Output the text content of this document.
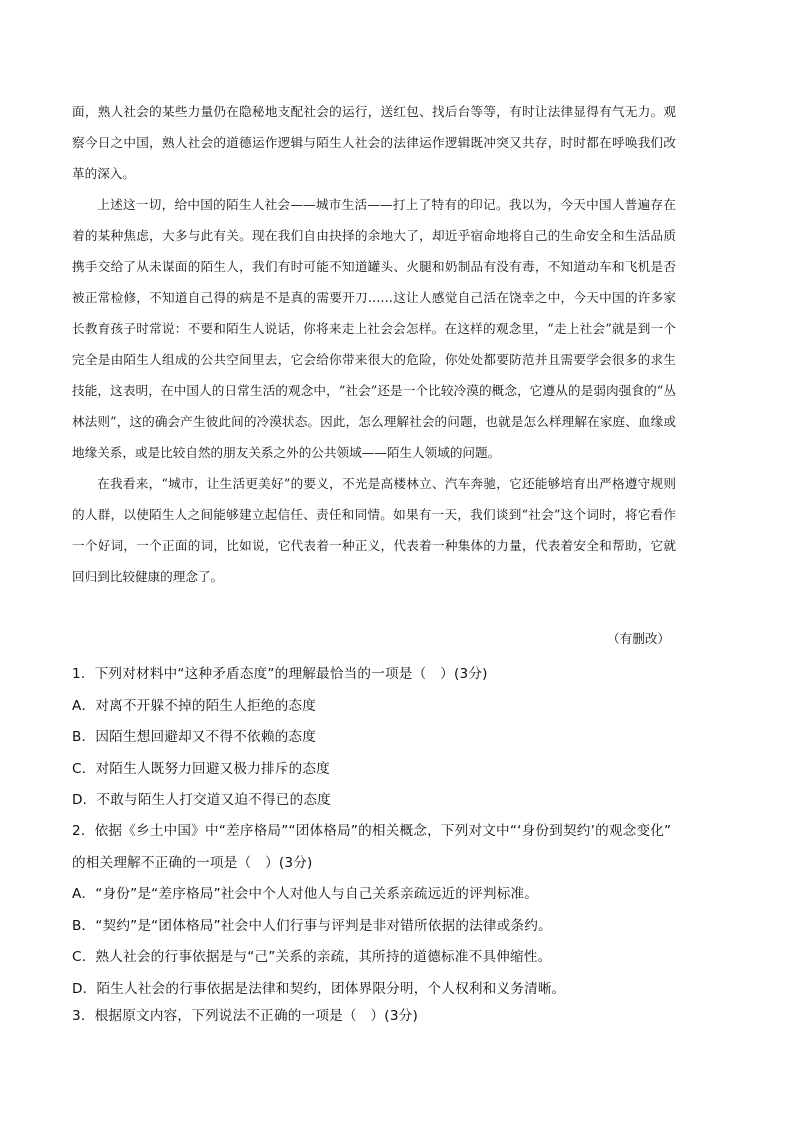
面，熟人社会的某些力量仍在隐秘地支配社会的运行，送红包、找后台等等，有时让法律显得有气无力。观察今日之中国，熟人社会的道德运作逻辑与陌生人社会的法律运作逻辑既冲突又共存，时时都在呼唤我们改革的深入。

上述这一切，给中国的陌生人社会——城市生活——打上了特有的印记。我以为，今天中国人普遍存在着的某种焦虑，大多与此有关。现在我们自由抉择的余地大了，却近乎宿命地将自己的生命安全和生活品质携手交给了从未谋面的陌生人，我们有时可能不知道罐头、火腿和奶制品有没有毒，不知道动车和飞机是否被正常检修，不知道自己得的病是不是真的需要开刀……这让人感觉自己活在饶幸之中，今天中国的许多家长教育孩子时常说：不要和陌生人说话，你将来走上社会会怎样。在这样的观念里，“走上社会”就是到一个完全是由陌生人组成的公共空间里去，它会给你带来很大的危险，你处处都要防范并且需要学会很多的求生技能，这表明，在中国人的日常生活的观念中，“社会”还是一个比较冷漠的概念，它遵从的是弱肉强食的“丛林法则”，这的确会产生彼此间的冷漠状态。因此，怎么理解社会的问题，也就是怎么样理解在家庭、血缘或地缘关系，或是比较自然的朋友关系之外的公共领域——陌生人领域的问题。

在我看来，“城市，让生活更美好”的要义，不光是高楼林立、汽车奔驰，它还能够培育出严格遵守规则的人群，以使陌生人之间能够建立起信任、责任和同情。如果有一天，我们谈到“社会”这个词时，将它看作一个好词，一个正面的词，比如说，它代表着一种正义，代表着一种集体的力量，代表着安全和帮助，它就回归到比较健康的理念了。

（有删改）
1．下列对材料中“这种矛盾态度”的理解最恰当的一项是（　）(3分)
A．对离不开躲不掉的陌生人拒绝的态度
B．因陌生想回避却又不得不依赖的态度
C．对陌生人既努力回避又极力排斥的态度
D．不敢与陌生人打交道又迫不得已的态度
2．依据《乡土中国》中“差序格局”“团体格局”的相关概念，下列对文中“‘身份到契约’的观念变化”
的相关理解不正确的一项是（　）(3分)
A．“身份”是“差序格局”社会中个人对他人与自己关系亲疏远近的评判标准。
B．“契约”是“团体格局”社会中人们行事与评判是非对错所依据的法律或条约。
C．熟人社会的行事依据是与“己”关系的亲疏，其所持的道德标准不具伸缩性。
D．陌生人社会的行事依据是法律和契约，团体界限分明，个人权利和义务清晰。
3．根据原文内容，下列说法不正确的一项是（　）(3分)
